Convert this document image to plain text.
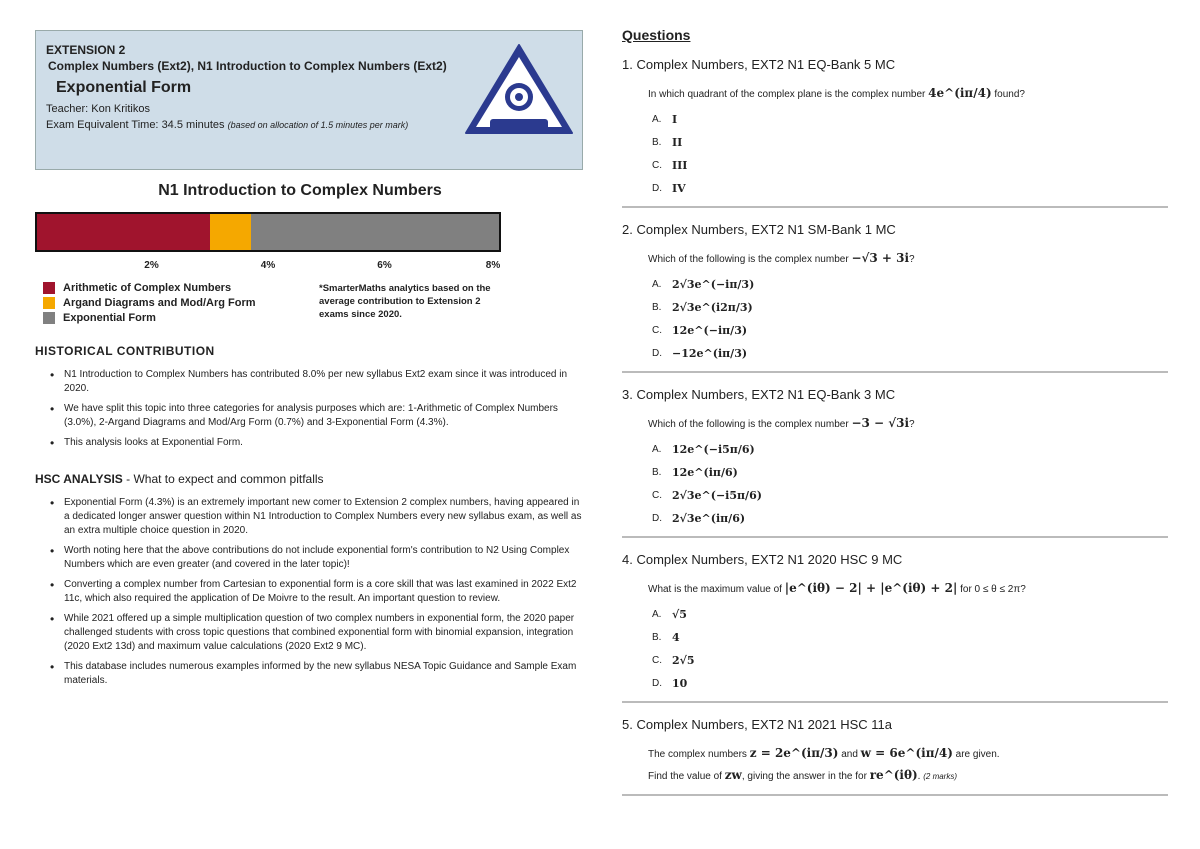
EXTENSION 2
Complex Numbers (Ext2), N1 Introduction to Complex Numbers (Ext2)
Exponential Form
Teacher: Kon Kritikos
Exam Equivalent Time: 34.5 minutes (based on allocation of 1.5 minutes per mark)
N1 Introduction to Complex Numbers
2%	4%	6%	8%
Arithmetic of Complex Numbers
Argand Diagrams and Mod/Arg Form
Exponential Form
*SmarterMaths analytics based on the average contribution to Extension 2 exams since 2020.
HISTORICAL CONTRIBUTION
• N1 Introduction to Complex Numbers has contributed 8.0% per new syllabus Ext2 exam since it was introduced in 2020.
• We have split this topic into three categories for analysis purposes which are: 1-Arithmetic of Complex Numbers (3.0%), 2-Argand Diagrams and Mod/Arg Form (0.7%) and 3-Exponential Form (4.3%).
• This analysis looks at Exponential Form.
HSC ANALYSIS - What to expect and common pitfalls
• Exponential Form (4.3%) is an extremely important new comer to Extension 2 complex numbers, having appeared in a dedicated longer answer question within N1 Introduction to Complex Numbers every new syllabus exam, as well as an extra multiple choice question in 2020.
• Worth noting here that the above contributions do not include exponential form's contribution to N2 Using Complex Numbers which are even greater (and covered in the later topic)!
• Converting a complex number from Cartesian to exponential form is a core skill that was last examined in 2022 Ext2 11c, which also required the application of De Moivre to the result. An important question to review.
• While 2021 offered up a simple multiplication question of two complex numbers in exponential form, the 2020 paper challenged students with cross topic questions that combined exponential form with binomial expansion, integration (2020 Ext2 13d) and maximum value calculations (2020 Ext2 9 MC).
• This database includes numerous examples informed by the new syllabus NESA Topic Guidance and Sample Exam materials.
Questions
1. Complex Numbers, EXT2 N1 EQ-Bank 5 MC
In which quadrant of the complex plane is the complex number 4e^(iπ/4) found?
A. I
B. II
C. III
D. IV
2. Complex Numbers, EXT2 N1 SM-Bank 1 MC
Which of the following is the complex number −√3 + 3i?
A. 2√3e^(−iπ/3)
B. 2√3e^(i2π/3)
C. 12e^(−iπ/3)
D. −12e^(iπ/3)
3. Complex Numbers, EXT2 N1 EQ-Bank 3 MC
Which of the following is the complex number −3 − √3i?
A. 12e^(−i5π/6)
B. 12e^(iπ/6)
C. 2√3e^(−i5π/6)
D. 2√3e^(iπ/6)
4. Complex Numbers, EXT2 N1 2020 HSC 9 MC
What is the maximum value of |e^(iθ) − 2| + |e^(iθ) + 2| for 0 ≤ θ ≤ 2π?
A. √5
B. 4
C. 2√5
D. 10
5. Complex Numbers, EXT2 N1 2021 HSC 11a
The complex numbers z = 2e^(iπ/3) and w = 6e^(iπ/4) are given.
Find the value of zw, giving the answer in the for re^(iθ). (2 marks)
